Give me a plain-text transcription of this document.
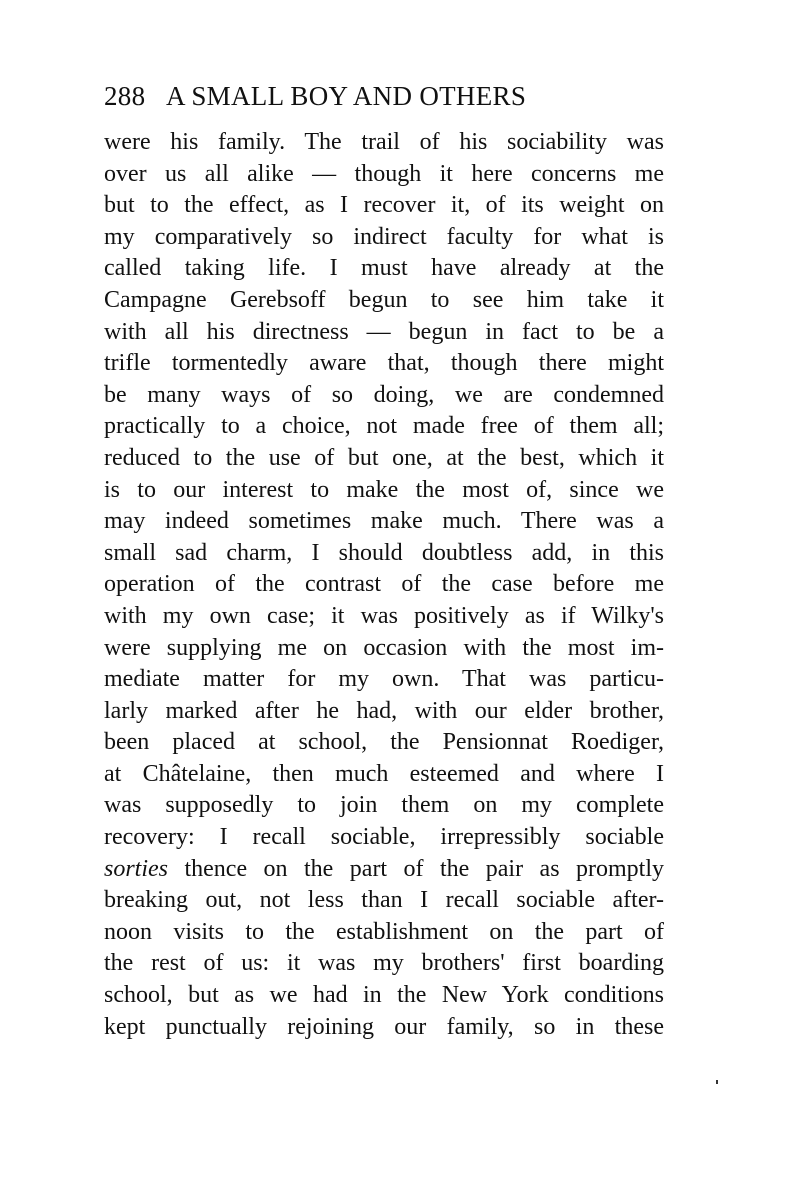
288 A SMALL BOY AND OTHERS
were his family. The trail of his sociability was
over us all alike — though it here concerns me
but to the effect, as I recover it, of its weight on
my comparatively so indirect faculty for what is
called taking life. I must have already at the
Campagne Gerebsoff begun to see him take it
with all his directness — begun in fact to be a
trifle tormentedly aware that, though there might
be many ways of so doing, we are condemned
practically to a choice, not made free of them all;
reduced to the use of but one, at the best, which it
is to our interest to make the most of, since we
may indeed sometimes make much. There was a
small sad charm, I should doubtless add, in this
operation of the contrast of the case before me
with my own case; it was positively as if Wilky's
were supplying me on occasion with the most im-
mediate matter for my own. That was particu-
larly marked after he had, with our elder brother,
been placed at school, the Pensionnat Roediger,
at Châtelaine, then much esteemed and where I
was supposedly to join them on my complete
recovery: I recall sociable, irrepressibly sociable
sorties thence on the part of the pair as promptly
breaking out, not less than I recall sociable after-
noon visits to the establishment on the part of
the rest of us: it was my brothers' first boarding
school, but as we had in the New York conditions
kept punctually rejoining our family, so in these
